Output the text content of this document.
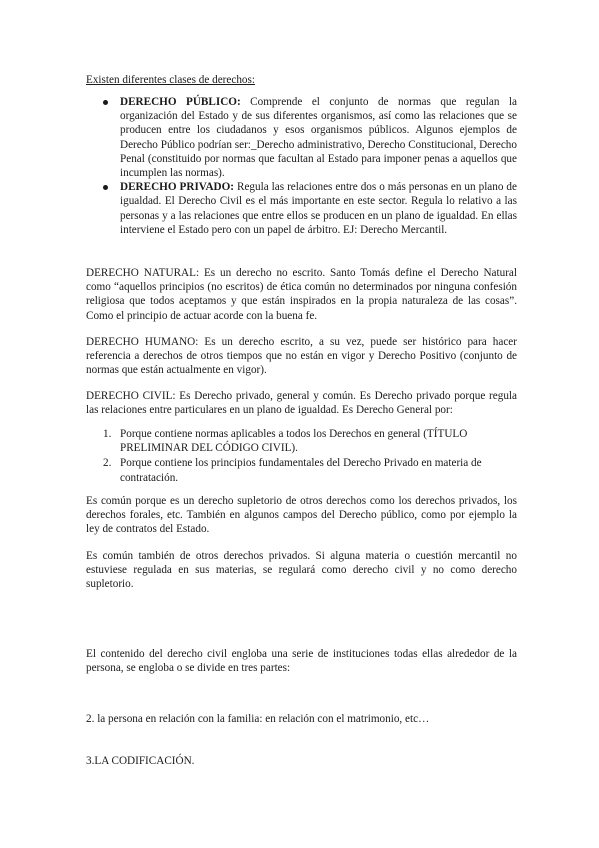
Existen diferentes clases de derechos:

DERECHO PÚBLICO: Comprende el conjunto de normas que regulan la organización del Estado y de sus diferentes organismos, así como las relaciones que se producen entre los ciudadanos y esos organismos públicos. Algunos ejemplos de Derecho Público podrían ser:_Derecho administrativo, Derecho Constitucional, Derecho Penal (constituido por normas que facultan al Estado para imponer penas a aquellos que incumplen las normas).
DERECHO PRIVADO: Regula las relaciones entre dos o más personas en un plano de igualdad. El Derecho Civil es el más importante en este sector. Regula lo relativo a las personas y a las relaciones que entre ellos se producen en un plano de igualdad. En ellas interviene el Estado pero con un papel de árbitro. EJ: Derecho Mercantil.

DERECHO NATURAL: Es un derecho no escrito. Santo Tomás define el Derecho Natural como “aquellos principios (no escritos) de ética común no determinados por ninguna confesión religiosa que todos aceptamos y que están inspirados en la propia naturaleza de las cosas”. Como el principio de actuar acorde con la buena fe.

DERECHO HUMANO: Es un derecho escrito, a su vez, puede ser histórico para hacer referencia a derechos de otros tiempos que no están en vigor y Derecho Positivo (conjunto de normas que están actualmente en vigor).

DERECHO CIVIL: Es Derecho privado, general y común. Es Derecho privado porque regula las relaciones entre particulares en un plano de igualdad. Es Derecho General por:

1. Porque contiene normas aplicables a todos los Derechos en general (TÍTULO PRELIMINAR DEL CÓDIGO CIVIL).
2. Porque contiene los principios fundamentales del Derecho Privado en materia de contratación.

Es común porque es un derecho supletorio de otros derechos como los derechos privados, los derechos forales, etc. También en algunos campos del Derecho público, como por ejemplo la ley de contratos del Estado.

Es común también de otros derechos privados. Si alguna materia o cuestión mercantil no estuviese regulada en sus materias, se regulará como derecho civil y no como derecho supletorio.

El contenido del derecho civil engloba una serie de instituciones todas ellas alrededor de la persona, se engloba o se divide en tres partes:

2. la persona en relación con la familia: en relación con el matrimonio, etc…

3.LA CODIFICACIÓN.
